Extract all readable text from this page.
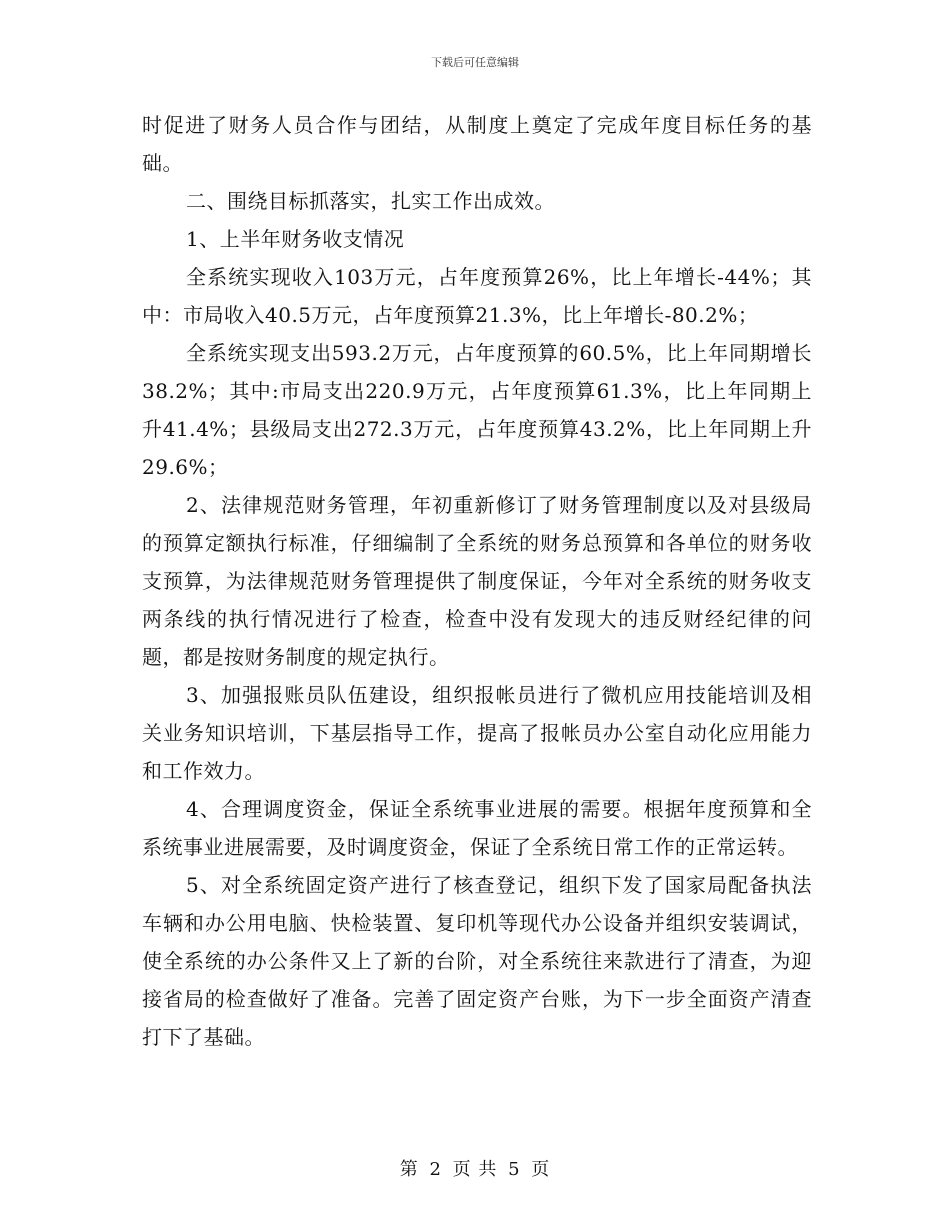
下载后可任意编辑

时促进了财务人员合作与团结，从制度上奠定了完成年度目标任务的基础。

二、围绕目标抓落实，扎实工作出成效。

1、上半年财务收支情况

全系统实现收入103万元，占年度预算26%，比上年增长-44%；其中：市局收入40.5万元，占年度预算21.3%，比上年增长-80.2%；

全系统实现支出593.2万元，占年度预算的60.5%，比上年同期增长38.2%；其中:市局支出220.9万元，占年度预算61.3%，比上年同期上升41.4%；县级局支出272.3万元，占年度预算43.2%，比上年同期上升29.6%；

2、法律规范财务管理，年初重新修订了财务管理制度以及对县级局的预算定额执行标准，仔细编制了全系统的财务总预算和各单位的财务收支预算，为法律规范财务管理提供了制度保证，今年对全系统的财务收支两条线的执行情况进行了检查，检查中没有发现大的违反财经纪律的问题，都是按财务制度的规定执行。

3、加强报账员队伍建设，组织报帐员进行了微机应用技能培训及相关业务知识培训，下基层指导工作，提高了报帐员办公室自动化应用能力和工作效力。

4、合理调度资金，保证全系统事业进展的需要。根据年度预算和全系统事业进展需要，及时调度资金，保证了全系统日常工作的正常运转。

5、对全系统固定资产进行了核查登记，组织下发了国家局配备执法车辆和办公用电脑、快检装置、复印机等现代办公设备并组织安装调试，使全系统的办公条件又上了新的台阶，对全系统往来款进行了清查，为迎接省局的检查做好了准备。完善了固定资产台账，为下一步全面资产清查打下了基础。

第 2 页 共 5 页
